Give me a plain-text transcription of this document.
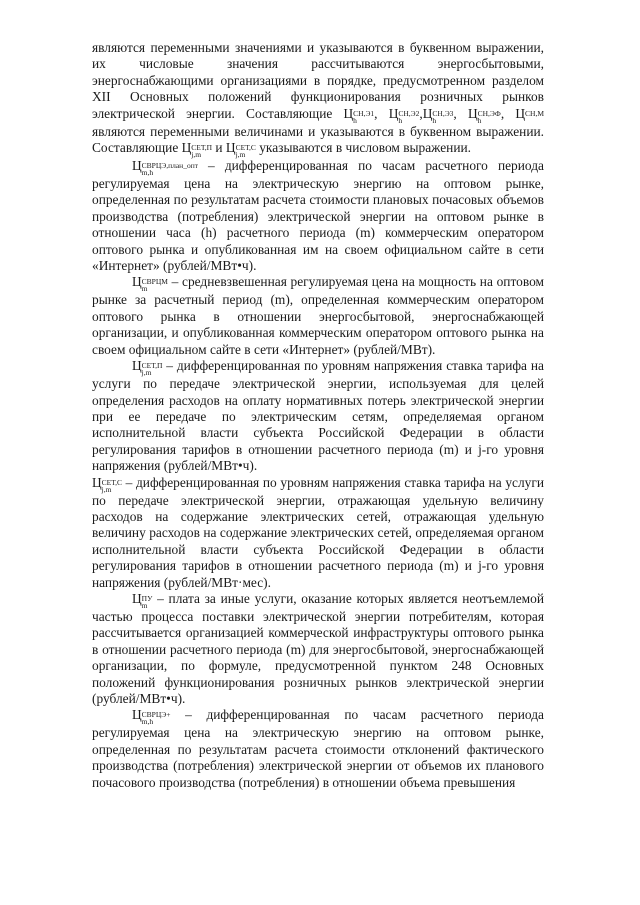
являются переменными значениями и указываются в буквенном выражении, их числовые значения рассчитываются энергосбытовыми, энергоснабжающими организациями в порядке, предусмотренном разделом XII Основных положений функционирования розничных рынков электрической энергии. Составляющие Ц СН,Э1
h	, Ц СН,Э2
h	,Ц СН,Э3
h	, Ц СН,ЭФ
h	, Ц СН,М

являются переменными величинами и указываются в буквенном выражении. Составляющие Ц СЕТ,П
j,m и Ц СЕТ,С
j,m указываются в числовом выражении.

Ц СВРЦЭ,план_опт
m,h	– дифференцированная по часам расчетного периода регулируемая цена на электрическую энергию на оптовом рынке, определенная по результатам расчета стоимости плановых почасовых объемов производства (потребления) электрической энергии на оптовом рынке в отношении часа (h) расчетного периода (m) коммерческим оператором оптового рынка и опубликованная им на своем официальном сайте в сети «Интернет» (рублей/МВт•ч).

Ц СВРЦМ
m	– средневзвешенная регулируемая цена на мощность на оптовом рынке за расчетный период (m), определенная коммерческим оператором оптового рынка в отношении энергосбытовой, энергоснабжающей организации, и опубликованная коммерческим оператором оптового рынка на своем официальном сайте в сети «Интернет» (рублей/МВт).

Ц СЕТ,П
j,m – дифференцированная по уровням напряжения ставка тарифа на услуги по передаче электрической энергии, используемая для целей определения расходов на оплату нормативных потерь электрической энергии при ее передаче по электрическим сетям, определяемая органом исполнительной власти субъекта Российской Федерации в области регулирования тарифов в отношении расчетного периода (m) и j-го уровня напряжения (рублей/МВт•ч).

Ц СЕТ,С
j,m – дифференцированная по уровням напряжения ставка тарифа на услуги по передаче электрической энергии, отражающая удельную величину расходов на содержание электрических сетей, отражающая удельную величину расходов на содержание электрических сетей, определяемая органом исполнительной власти субъекта Российской Федерации в области регулирования тарифов в отношении расчетного периода (m) и j-го уровня напряжения (рублей/МВт·мес).

Ц ПУ
m – плата за иные услуги, оказание которых является неотъемлемой частью процесса поставки электрической энергии потребителям, которая рассчитывается организацией коммерческой инфраструктуры оптового рынка в отношении расчетного периода (m) для энергосбытовой, энергоснабжающей организации, по формуле, предусмотренной пунктом 248 Основных положений функционирования розничных рынков электрической энергии (рублей/МВт•ч).

Ц СВРЦЭ+
m,h	– дифференцированная по часам расчетного периода регулируемая цена на электрическую энергию на оптовом рынке, определенная по результатам расчета стоимости отклонений фактического производства (потребления) электрической энергии от объемов их планового почасового производства (потребления) в отношении объема превышения
